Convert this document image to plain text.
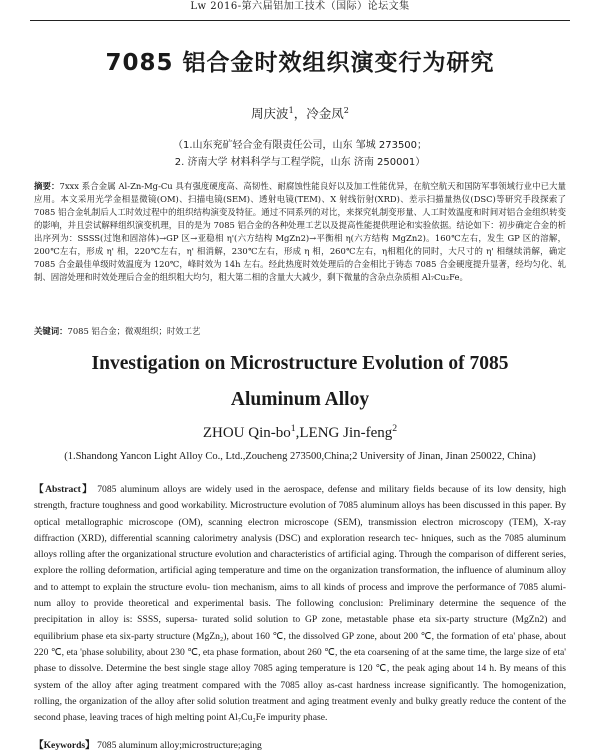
Lw 2016-第六届铝加工技术（国际）论坛文集
7085 铝合金时效组织演变行为研究
周庆波$^1$，冷金凤$^2$
（1.山东兖矿轻合金有限责任公司，山东 邹城 273500；
2. 济南大学 材料科学与工程学院，山东 济南 250001）
摘要：7xxx 系合金属 Al-Zn-Mg-Cu 具有强度硬度高、高韧性、耐腐蚀性能良好以及加工性能优异，在航空航天和国防军事领域行业中已大量应用。本文采用光学金相显微镜(OM)、扫描电镜(SEM)、透射电镜(TEM)、X 射线衍射(XRD)、差示扫描量热仪(DSC)等研究手段探索了 7085 铝合金轧制后人工时效过程中的组织结构演变及特征。通过不同系列的对比，来探究轧制变形量、人工时效温度和时间对铝合金组织转变的影响，并且尝试解释组织演变机理，目的是为 7085 铝合金的各种处理工艺以及提高性能提供理论和实验依据。结论如下：初步确定合金的析出序列为：SSSS(过饱和固溶体)→GP 区→亚稳相 η'(六方结构 MgZn2)→平衡相 η(六方结构 MgZn2)。160℃左右，发生 GP 区的溶解，200℃左右，形成 η' 相，220℃左右，η' 相消解，230℃左右，形成 η 相，260℃左右，η相粗化的同时，大尺寸的 η' 相继续消解，确定 7085 合金最佳单级时效温度为 120℃，峰时效为 14h 左右。经此热度时效处理后的合金相比于铸态 7085 合金硬度提升显著，经均匀化、轧制、固溶处理和时效处理后合金的组织粗大均匀，粗大第二相的含量大大减少，剩下微量的含杂点杂质相 Al₇Cu₂Fe。
关键词：7085 铝合金；微观组织；时效工艺
Investigation on Microstructure Evolution of 7085
Aluminum Alloy
ZHOU Qin-$bo^1,LENG$ Jin-feng$^2$
(1.Shandong Yancon Light Alloy Co., Ltd.,Zoucheng 273500,China;2 University of Jinan, Jinan 250022, China)
【Abstract】 7085 aluminum alloys are widely used in the aerospace, defense and military fields because of its low density, high strength, fracture toughness and good workability. Microstructure evolution of 7085 aluminum alloys has been discussed in this paper. By optical metallographic microscope (OM), scanning electron microscope (SEM), transmission electron microscopy (TEM), X-ray diffraction (XRD), differential scanning calorimetry analysis (DSC) and exploration research tec- hniques, such as the 7085 aluminum alloys rolling after the organizational structure evolution and characteristics of artificial aging. Through the comparison of different series, explore the rolling deformation, artificial aging temperature and time on the organization transformation, the influence of aluminum alloy and to attempt to explain the structure evolu- tion mechanism, aims to all kinds of process and improve the performance of 7085 alumi- num alloy to provide theoretical and experimental basis. The following conclusion: Preliminary determine the sequence of the precipitation in alloy is: SSSS, supersa- turated solid solution to GP zone, metastable phase eta six-party structure (MgZn2) and equilibrium phase eta six-party structure (MgZn₂), about 160 ℃, the dissolved GP zone, about 200 ℃, the formation of eta' phase, about 220 ℃, eta 'phase solubility, about 230 ℃, eta phase formation, about 260 ℃, the eta coarsening of at the same time, the large size of eta' phase to dissolve. Determine the best single stage alloy 7085 aging temperature is 120 ℃, the peak aging about 14 h. By means of this system of the alloy after aging treatment compared with the 7085 alloy as-cast hardness increase significantly. The homogenization, rolling, the organization of the alloy after solid solution treatment and aging treatment evenly and bulky greatly reduce the content of the second phase, leaving traces of high melting point Al₇Cu₂Fe impurity phase.
【Keywords】 7085 aluminum alloy;microstructure;aging
